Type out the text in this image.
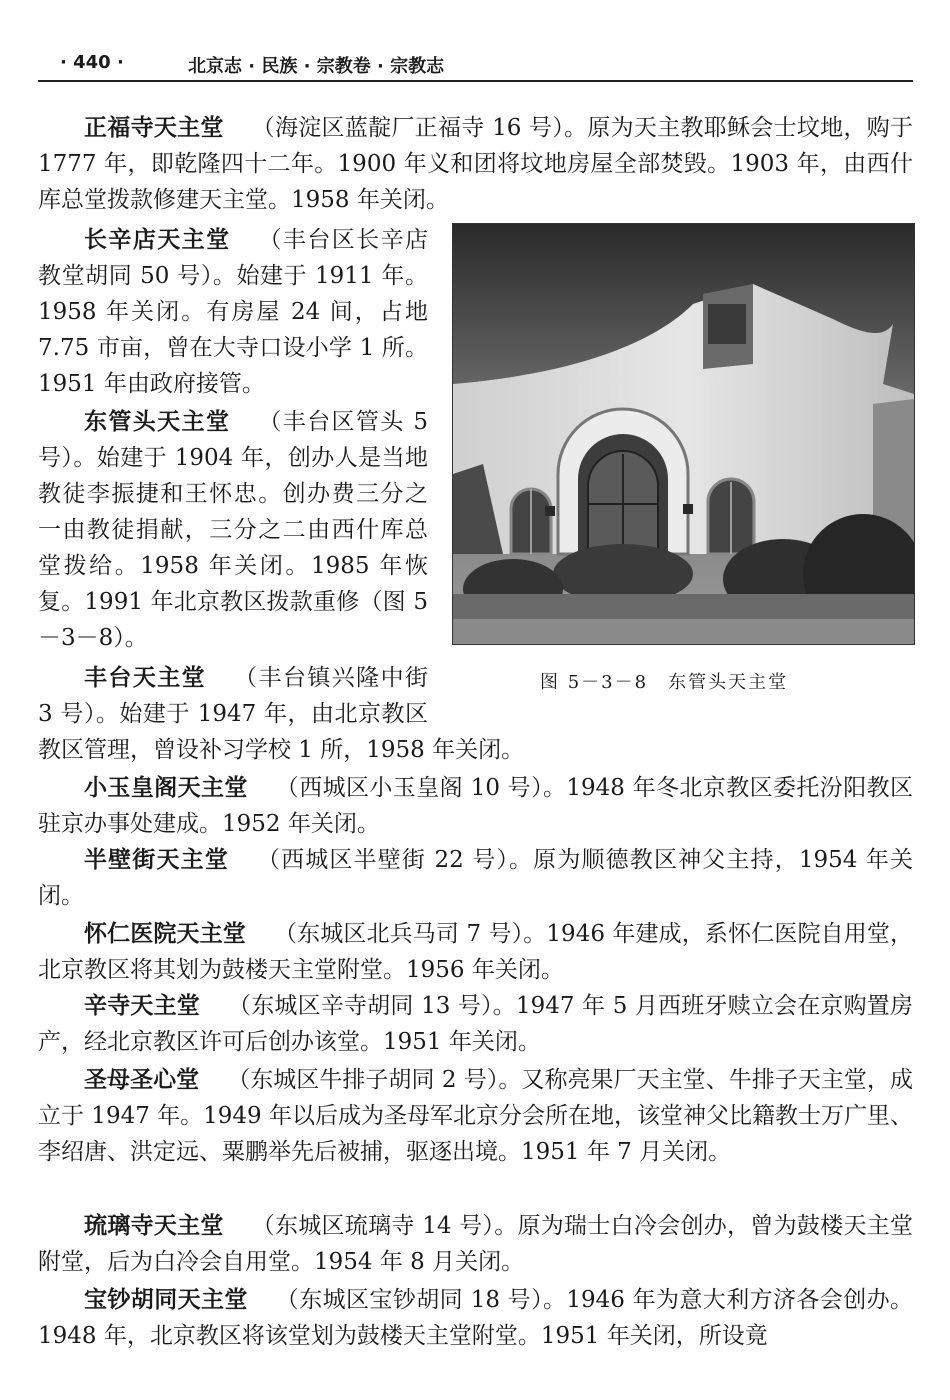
· 440 ·	北京志 · 民族 · 宗教卷 · 宗教志
正福寺天主堂 （海淀区蓝靛厂正福寺 16 号）。原为天主教耶稣会士坟地，购于 1777 年，即乾隆四十二年。1900 年义和团将坟地房屋全部焚毁。1903 年，由西什库总堂拨款修建天主堂。1958 年关闭。
长辛店天主堂 （丰台区长辛店教堂胡同 50 号）。始建于 1911 年。1958 年关闭。有房屋 24 间，占地 7.75 市亩，曾在大寺口设小学 1 所。1951 年由政府接管。
东管头天主堂 （丰台区管头 5 号）。始建于 1904 年，创办人是当地教徒李振捷和王怀忠。创办费三分之一由教徒捐献，三分之二由西什库总堂拨给。1958 年关闭。1985 年恢复。1991 年北京教区拨款重修（图 5－3－8）。
丰台天主堂 （丰台镇兴隆中街 3 号）。始建于 1947 年，由北京教区
教区管理，曾设补习学校 1 所，1958 年关闭。
小玉皇阁天主堂 （西城区小玉皇阁 10 号）。1948 年冬北京教区委托汾阳教区驻京办事处建成。1952 年关闭。
半壁街天主堂 （西城区半壁街 22 号）。原为顺德教区神父主持，1954 年关闭。
怀仁医院天主堂 （东城区北兵马司 7 号）。1946 年建成，系怀仁医院自用堂，北京教区将其划为鼓楼天主堂附堂。1956 年关闭。
辛寺天主堂 （东城区辛寺胡同 13 号）。1947 年 5 月西班牙赎立会在京购置房产，经北京教区许可后创办该堂。1951 年关闭。
圣母圣心堂 （东城区牛排子胡同 2 号）。又称亮果厂天主堂、牛排子天主堂，成立于 1947 年。1949 年以后成为圣母军北京分会所在地，该堂神父比籍教士万广里、李绍唐、洪定远、粟鹏举先后被捕，驱逐出境。1951 年 7 月关闭。
琉璃寺天主堂 （东城区琉璃寺 14 号）。原为瑞士白冷会创办，曾为鼓楼天主堂附堂，后为白冷会自用堂。1954 年 8 月关闭。
宝钞胡同天主堂 （东城区宝钞胡同 18 号）。1946 年为意大利方济各会创办。1948 年，北京教区将该堂划为鼓楼天主堂附堂。1951 年关闭，所设竟
图 5－3－8　东管头天主堂
